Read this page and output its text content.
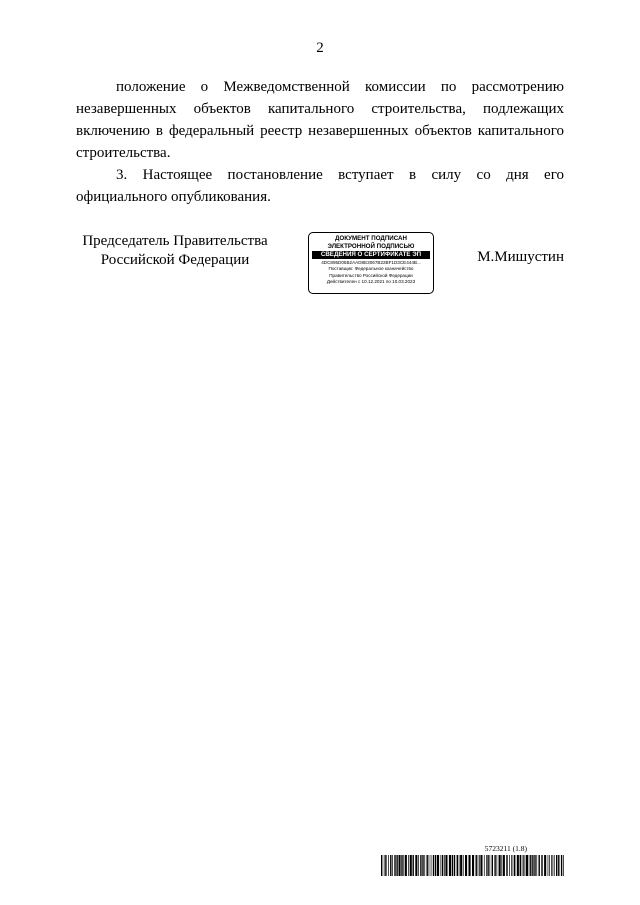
2

положение о Межведомственной комиссии по рассмотрению незавершенных объектов капитального строительства, подлежащих включению в федеральный реестр незавершенных объектов капитального строительства.

3. Настоящее постановление вступает в силу со дня его официального опубликования.

Председатель Правительства
Российской Федерации
ДОКУМЕНТ ПОДПИСАН
ЭЛЕКТРОННОЙ ПОДПИСЬЮ
СВЕДЕНИЯ О СЕРТИФИКАТЕ ЭП
4DC895D05B2AAD8E3067B22BF1D3CE444B...
Поставщик: Федеральное казначейство
Правительство Российской Федерации
Действителен с 10.12.2021 по 10.03.2023
М.Мишустин
5723211 (1.8)
